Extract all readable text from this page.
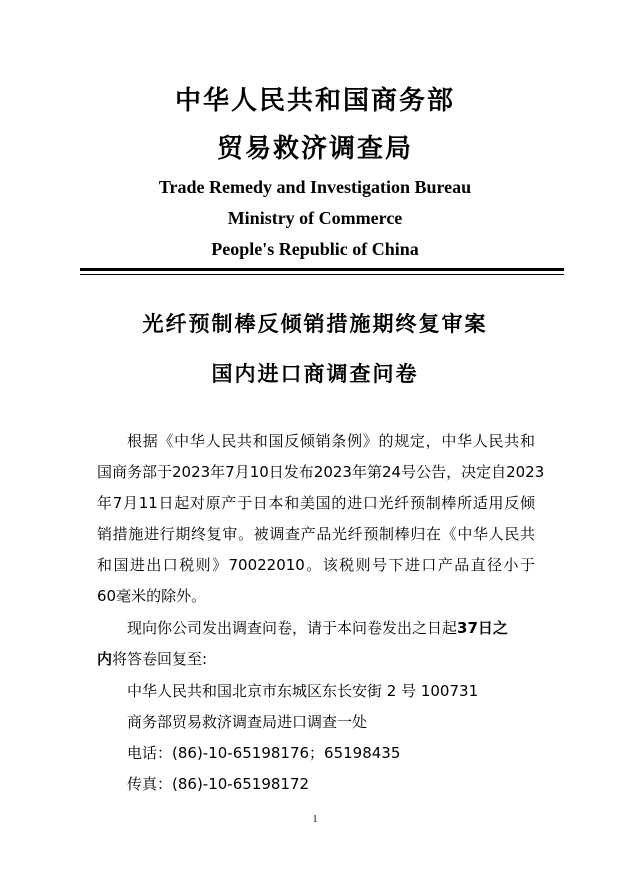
中华人民共和国商务部
贸易救济调查局
Trade Remedy and Investigation Bureau
Ministry of Commerce
People's Republic of China
光纤预制棒反倾销措施期终复审案
国内进口商调查问卷
根据《中华人民共和国反倾销条例》的规定，中华人民共和
国商务部于2023年7月10日发布2023年第24号公告，决定自2023
年7月11日起对原产于日本和美国的进口光纤预制棒所适用反倾
销措施进行期终复审。被调查产品光纤预制棒归在《中华人民共
和国进出口税则》70022010。该税则号下进口产品直径小于
60毫米的除外。
现向你公司发出调查问卷，请于本问卷发出之日起37日之
内将答卷回复至:
中华人民共和国北京市东城区东长安街 2 号 100731
商务部贸易救济调查局进口调查一处
电话：(86)-10-65198176；65198435
传真：(86)-10-65198172
1
